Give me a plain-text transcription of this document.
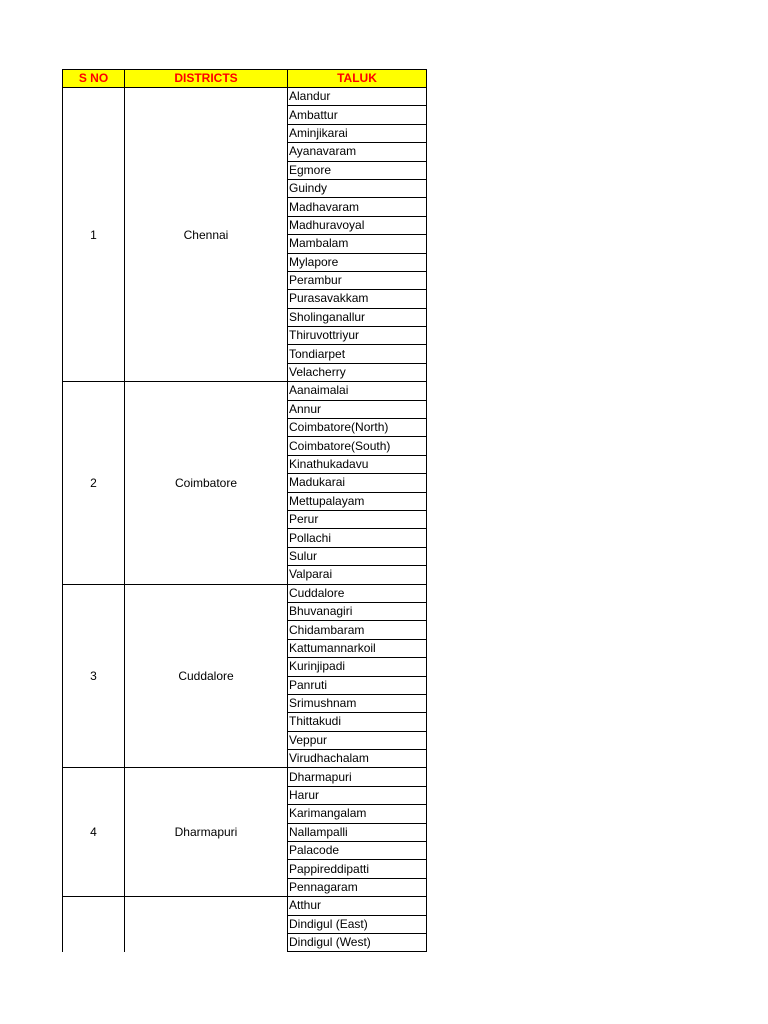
S NO	DISTRICTS	TALUK
1	Chennai	Alandur
		Ambattur
		Aminjikarai
		Ayanavaram
		Egmore
		Guindy
		Madhavaram
		Madhuravoyal
		Mambalam
		Mylapore
		Perambur
		Purasavakkam
		Sholinganallur
		Thiruvottriyur
		Tondiarpet
		Velacherry
2	Coimbatore	Aanaimalai
		Annur
		Coimbatore(North)
		Coimbatore(South)
		Kinathukadavu
		Madukarai
		Mettupalayam
		Perur
		Pollachi
		Sulur
		Valparai
3	Cuddalore	Cuddalore
		Bhuvanagiri
		Chidambaram
		Kattumannarkoil
		Kurinjipadi
		Panruti
		Srimushnam
		Thittakudi
		Veppur
		Virudhachalam
4	Dharmapuri	Dharmapuri
		Harur
		Karimangalam
		Nallampalli
		Palacode
		Pappireddipatti
		Pennagaram
		Atthur
		Dindigul (East)
		Dindigul (West)
